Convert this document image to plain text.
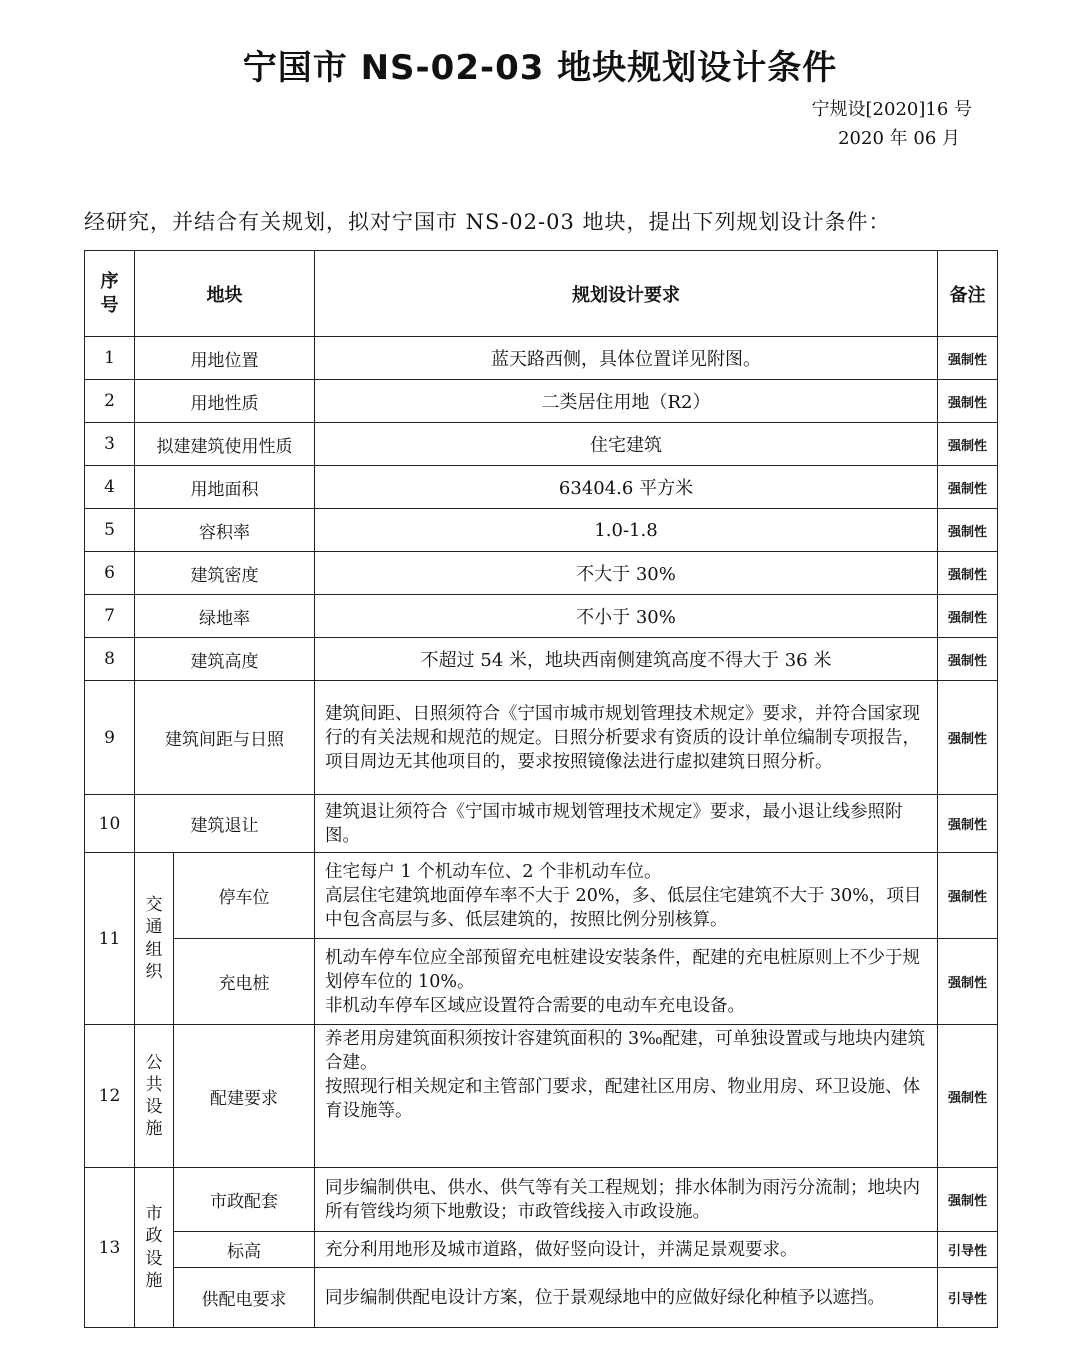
宁国市 NS-02-03 地块规划设计条件
宁规设[2020]16 号
2020 年 06 月
经研究，并结合有关规划，拟对宁国市 NS-02-03 地块，提出下列规划设计条件：
序号	地块		规划设计要求	备注
1	用地位置		蓝天路西侧，具体位置详见附图。	强制性
2	用地性质		二类居住用地（R2）	强制性
3	拟建建筑使用性质		住宅建筑	强制性
4	用地面积		63404.6 平方米	强制性
5	容积率		1.0-1.8	强制性
6	建筑密度		不大于 30%	强制性
7	绿地率		不小于 30%	强制性
8	建筑高度		不超过 54 米，地块西南侧建筑高度不得大于 36 米	强制性
9	建筑间距与日照		建筑间距、日照须符合《宁国市城市规划管理技术规定》要求，并符合国家现行的有关法规和规范的规定。日照分析要求有资质的设计单位编制专项报告，项目周边无其他项目的，要求按照镜像法进行虚拟建筑日照分析。	强制性
10	建筑退让		建筑退让须符合《宁国市城市规划管理技术规定》要求，最小退让线参照附图。	强制性
11	交通组织	停车位	住宅每户 1 个机动车位、2 个非机动车位。
高层住宅建筑地面停车率不大于 20%，多、低层住宅建筑不大于 30%，项目中包含高层与多、低层建筑的，按照比例分别核算。	强制性
		充电桩	机动车停车位应全部预留充电桩建设安装条件，配建的充电桩原则上不少于规划停车位的 10%。
非机动车停车区域应设置符合需要的电动车充电设备。	强制性
12	公共设施	配建要求	养老用房建筑面积须按计容建筑面积的 3‰配建，可单独设置或与地块内建筑合建。
按照现行相关规定和主管部门要求，配建社区用房、物业用房、环卫设施、体育设施等。	强制性
13	市政设施	市政配套	同步编制供电、供水、供气等有关工程规划；排水体制为雨污分流制；地块内所有管线均须下地敷设；市政管线接入市政设施。	强制性
		标高	充分利用地形及城市道路，做好竖向设计，并满足景观要求。	引导性
		供配电要求	同步编制供配电设计方案，位于景观绿地中的应做好绿化种植予以遮挡。	引导性
